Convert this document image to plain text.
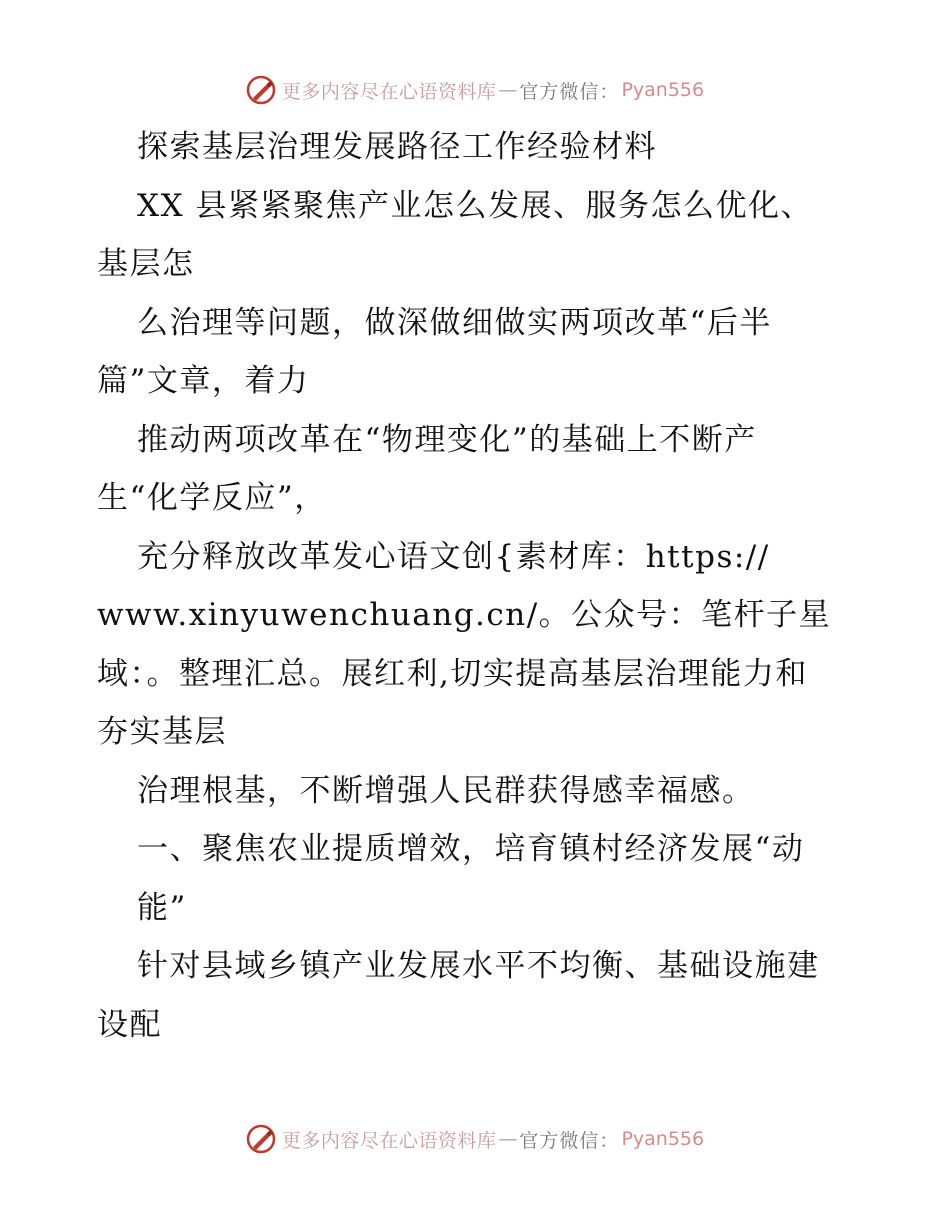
更多内容尽在心语资料库 — 官方微信： Pyan556
探索基层治理发展路径工作经验材料
XX 县紧紧聚焦产业怎么发展、服务怎么优化、
基层怎
么治理等问题，做深做细做实两项改革“后半
篇”文章，着力
推动两项改革在“物理变化”的基础上不断产
生“化学反应”，
充分释放改革发心语文创{素材库：https://
www.xinyuwenchuang.cn/。公众号：笔杆子星
域：。整理汇总。展红利,切实提高基层治理能力和
夯实基层
治理根基，不断增强人民群获得感幸福感。
一、聚焦农业提质增效，培育镇村经济发展“动
能”
针对县域乡镇产业发展水平不均衡、基础设施建
设配
更多内容尽在心语资料库 — 官方微信： Pyan556
